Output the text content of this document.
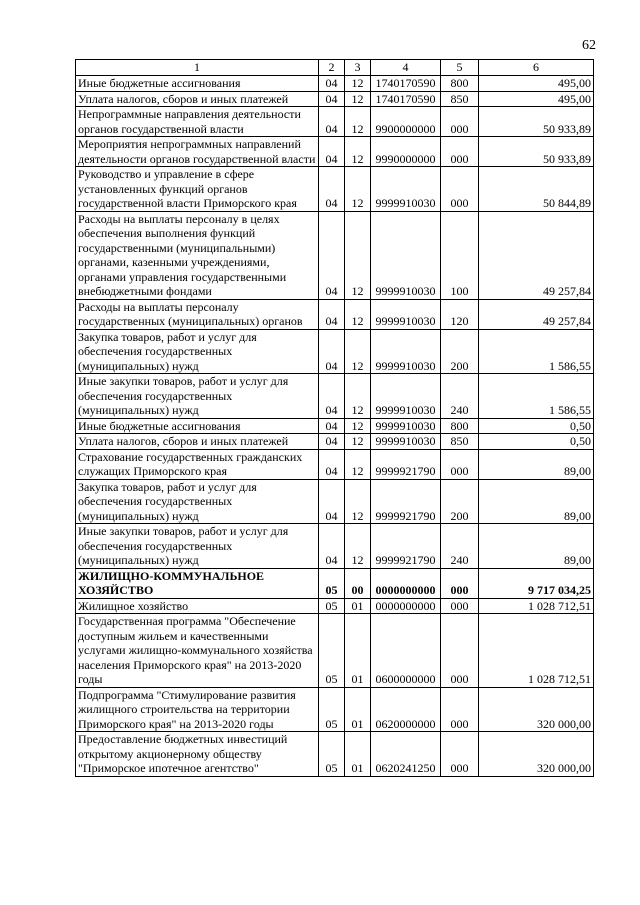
62
1	2	3	4	5	6
Иные бюджетные ассигнования	04	12	1740170590	800	495,00
Уплата налогов, сборов и иных платежей	04	12	1740170590	850	495,00
Непрограммные направления деятельности органов государственной власти	04	12	9900000000	000	50 933,89
Мероприятия непрограммных направлений деятельности органов государственной власти	04	12	9990000000	000	50 933,89
Руководство и управление в сфере установленных функций органов государственной власти Приморского края	04	12	9999910030	000	50 844,89
Расходы на выплаты персоналу в целях обеспечения выполнения функций государственными (муниципальными) органами, казенными учреждениями, органами управления государственными внебюджетными фондами	04	12	9999910030	100	49 257,84
Расходы на выплаты персоналу государственных (муниципальных) органов	04	12	9999910030	120	49 257,84
Закупка товаров, работ и услуг для обеспечения государственных (муниципальных) нужд	04	12	9999910030	200	1 586,55
Иные закупки товаров, работ и услуг для обеспечения государственных (муниципальных) нужд	04	12	9999910030	240	1 586,55
Иные бюджетные ассигнования	04	12	9999910030	800	0,50
Уплата налогов, сборов и иных платежей	04	12	9999910030	850	0,50
Страхование государственных гражданских служащих Приморского края	04	12	9999921790	000	89,00
Закупка товаров, работ и услуг для обеспечения государственных (муниципальных) нужд	04	12	9999921790	200	89,00
Иные закупки товаров, работ и услуг для обеспечения государственных (муниципальных) нужд	04	12	9999921790	240	89,00
ЖИЛИЩНО-КОММУНАЛЬНОЕ ХОЗЯЙСТВО	05	00	0000000000	000	9 717 034,25
Жилищное хозяйство	05	01	0000000000	000	1 028 712,51
Государственная программа "Обеспечение доступным жильем и качественными услугами жилищно-коммунального хозяйства населения Приморского края" на 2013-2020 годы	05	01	0600000000	000	1 028 712,51
Подпрограмма "Стимулирование развития жилищного строительства на территории Приморского края" на 2013-2020 годы	05	01	0620000000	000	320 000,00
Предоставление бюджетных инвестиций открытому акционерному обществу "Приморское ипотечное агентство"	05	01	0620241250	000	320 000,00
